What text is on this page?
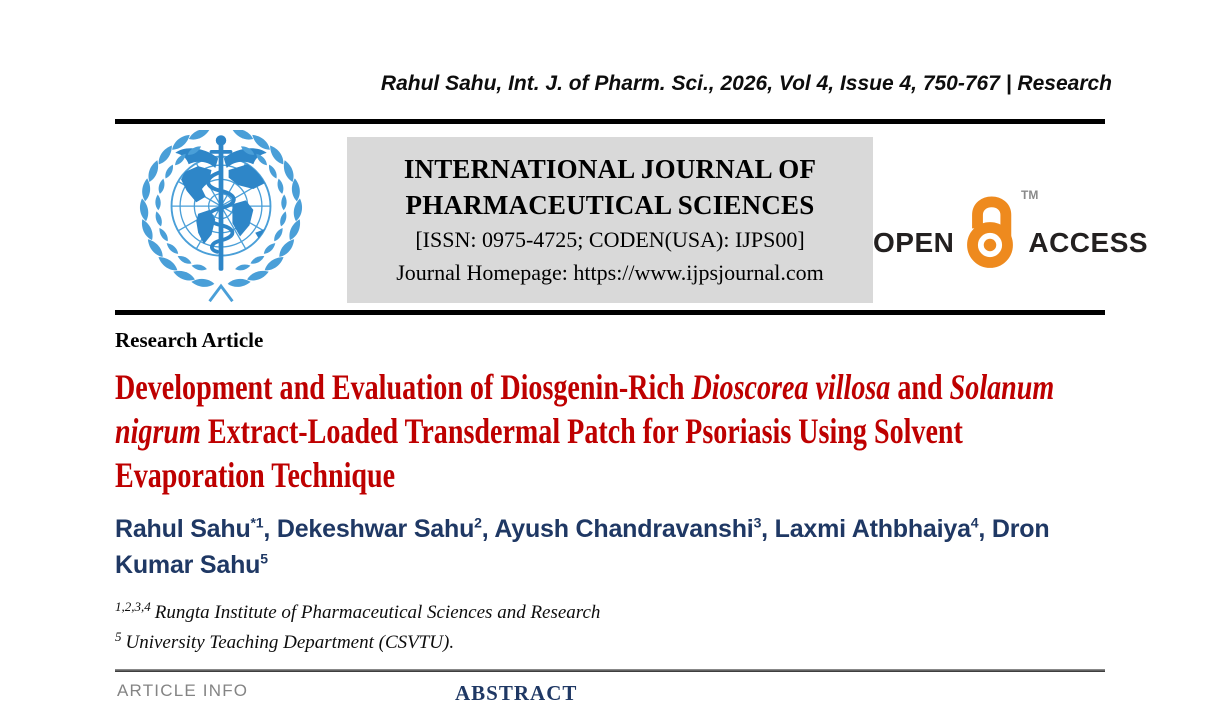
Rahul Sahu, Int. J. of Pharm. Sci., 2026, Vol 4, Issue 4, 750-767 | Research
INTERNATIONAL JOURNAL OF
PHARMACEUTICAL SCIENCES
[ISSN: 0975-4725; CODEN(USA): IJPS00]
Journal Homepage: https://www.ijpsjournal.com
OPEN
TM
ACCESS
Research Article
Development and Evaluation of Diosgenin-Rich Dioscorea villosa and Solanum nigrum Extract-Loaded Transdermal Patch for Psoriasis Using Solvent Evaporation Technique
Rahul Sahu$^{*1}$, Dekeshwar Sahu$^2$, Ayush Chandravanshi$^3$, Laxmi Athbhaiya$^4$, Dron Kumar Sahu$^5$
$^{1,2,3,4}$ Rungta Institute of Pharmaceutical Sciences and Research
$^5$ University Teaching Department (CSVTU).
ARTICLE INFO	ABSTRACT
